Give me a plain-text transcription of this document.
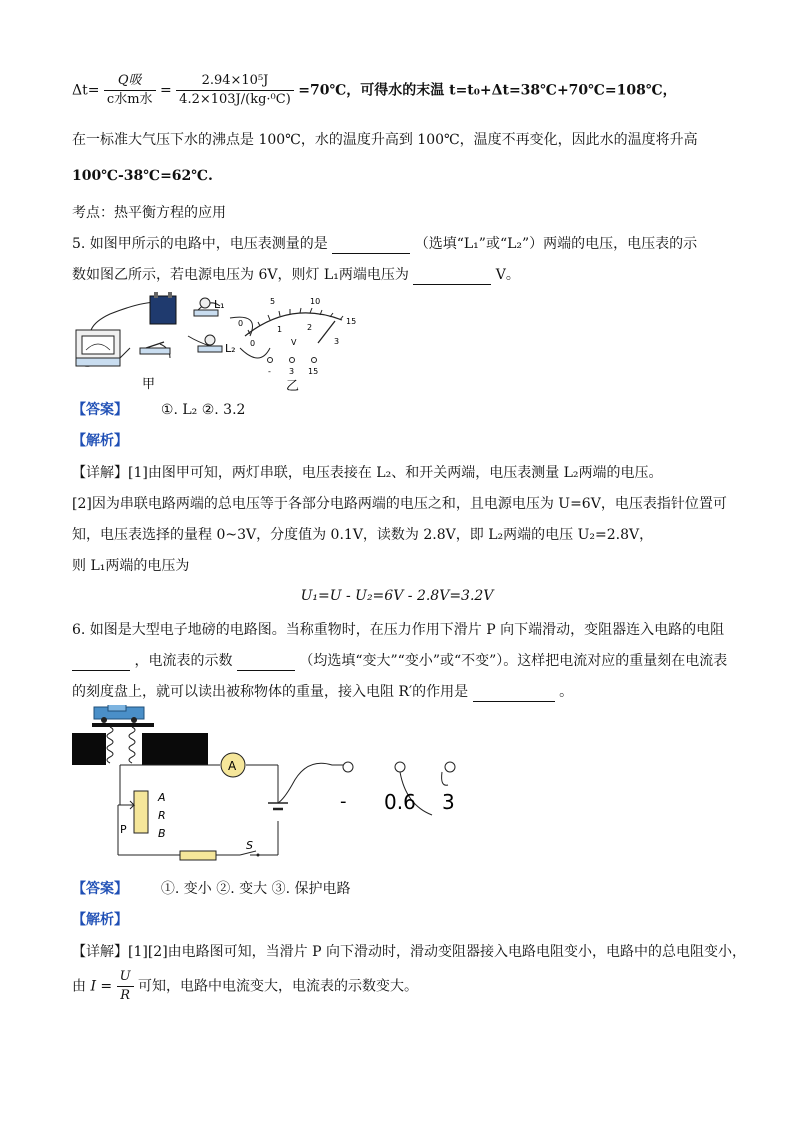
$\Delta t= \frac{\text{Q吸}}{\text{c水m水}} = \frac{\text{2.94×10⁵J}}{\text{4.2×103J/(kg·⁰C)}}$ =70℃，可得水的末温 t=t₀+Δt=38℃+70℃=108℃，
在一标准大气压下水的沸点是 100℃，水的温度升高到 100℃，温度不再变化，因此水的温度将升高
100℃-38℃=62℃.
考点：热平衡方程的应用
5. 如图甲所示的电路中，电压表测量的是	（选填“L₁”或“L₂”）两端的电压，电压表的示
数如图乙所示，若电源电压为 6V，则灯 L₁两端电压为	V。
L₁
L₂
甲
0
5	10
15
0
1	2
3
V
- 3 15
乙
【答案】 ①. L₂ ②. 3.2
【解析】
【详解】[1]由图甲可知，两灯串联，电压表接在 L₂、和开关两端，电压表测量 L₂两端的电压。
[2]因为串联电路两端的总电压等于各部分电路两端的电压之和，且电源电压为 U=6V，电压表指针位置可
知，电压表选择的量程 0~3V，分度值为 0.1V，读数为 2.8V，即 L₂两端的电压 U₂=2.8V，
则 L₁两端的电压为
U₁=U - U₂=6V - 2.8V=3.2V
6. 如图是大型电子地磅的电路图。当称重物时，在压力作用下滑片 P 向下端滑动，变阻器连入电路的电阻
，电流表的示数	（均选填“变大”“变小”或“不变”）。这样把电流对应的重量刻在电流表
的刻度盘上，就可以读出被称物体的重量，接入电阻 R′的作用是	。
A
A
R
B
P
S
- 0.6 3
【答案】 ①. 变小 ②. 变大 ③. 保护电路
【解析】
【详解】[1][2]由电路图可知，当滑片 P 向下滑动时，滑动变阻器接入电路电阻变小，电路中的总电阻变小，
由 $I = \frac{U}{R}$ 可知，电路中电流变大，电流表的示数变大。
